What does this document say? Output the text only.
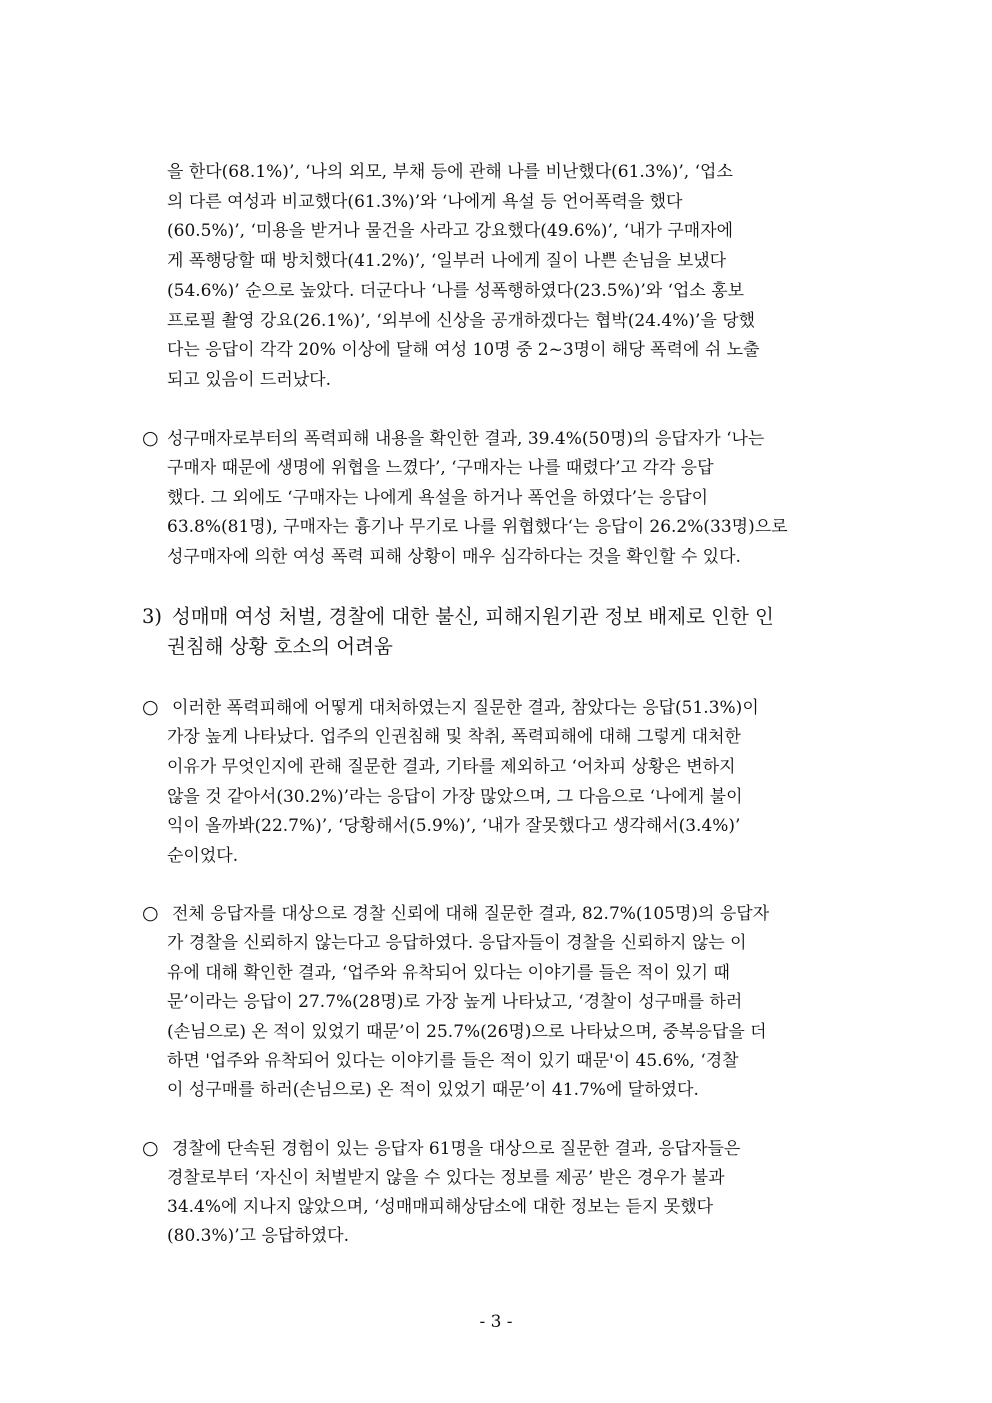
을 한다(68.1%)’, ‘나의 외모, 부채 등에 관해 나를 비난했다(61.3%)’, ‘업소
의 다른 여성과 비교했다(61.3%)’와 ‘나에게 욕설 등 언어폭력을 했다
(60.5%)’, ‘미용을 받거나 물건을 사라고 강요했다(49.6%)’, ‘내가 구매자에
게 폭행당할 때 방치했다(41.2%)’, ‘일부러 나에게 질이 나쁜 손님을 보냈다
(54.6%)’ 순으로 높았다. 더군다나 ‘나를 성폭행하였다(23.5%)’와 ‘업소 홍보
프로필 촬영 강요(26.1%)’, ‘외부에 신상을 공개하겠다는 협박(24.4%)’을 당했
다는 응답이 각각 20% 이상에 달해 여성 10명 중 2~3명이 해당 폭력에 쉬 노출
되고 있음이 드러났다.
○ 성구매자로부터의 폭력피해 내용을 확인한 결과, 39.4%(50명)의 응답자가 ‘나는
구매자 때문에 생명에 위협을 느꼈다’, ‘구매자는 나를 때렸다’고 각각 응답
했다. 그 외에도 ‘구매자는 나에게 욕설을 하거나 폭언을 하였다’는 응답이
63.8%(81명), 구매자는 흉기나 무기로 나를 위협했다‘는 응답이 26.2%(33명)으로
성구매자에 의한 여성 폭력 피해 상황이 매우 심각하다는 것을 확인할 수 있다.
3) 성매매 여성 처벌, 경찰에 대한 불신, 피해지원기관 정보 배제로 인한 인
권침해 상황 호소의 어려움
○ 이러한 폭력피해에 어떻게 대처하였는지 질문한 결과, 참았다는 응답(51.3%)이
가장 높게 나타났다. 업주의 인권침해 및 착취, 폭력피해에 대해 그렇게 대처한
이유가 무엇인지에 관해 질문한 결과, 기타를 제외하고 ‘어차피 상황은 변하지
않을 것 같아서(30.2%)’라는 응답이 가장 많았으며, 그 다음으로 ‘나에게 불이
익이 올까봐(22.7%)’, ‘당황해서(5.9%)’, ‘내가 잘못했다고 생각해서(3.4%)’
순이었다.
○ 전체 응답자를 대상으로 경찰 신뢰에 대해 질문한 결과, 82.7%(105명)의 응답자
가 경찰을 신뢰하지 않는다고 응답하였다. 응답자들이 경찰을 신뢰하지 않는 이
유에 대해 확인한 결과, ‘업주와 유착되어 있다는 이야기를 들은 적이 있기 때
문’이라는 응답이 27.7%(28명)로 가장 높게 나타났고, ‘경찰이 성구매를 하러
(손님으로) 온 적이 있었기 때문’이 25.7%(26명)으로 나타났으며, 중복응답을 더
하면 '업주와 유착되어 있다는 이야기를 들은 적이 있기 때문'이 45.6%, ‘경찰
이 성구매를 하러(손님으로) 온 적이 있었기 때문’이 41.7%에 달하였다.
○ 경찰에 단속된 경험이 있는 응답자 61명을 대상으로 질문한 결과, 응답자들은
경찰로부터 ‘자신이 처벌받지 않을 수 있다는 정보를 제공’ 받은 경우가 불과
34.4%에 지나지 않았으며, ‘성매매피해상담소에 대한 정보는 듣지 못했다
(80.3%)’고 응답하였다.
- 3 -
